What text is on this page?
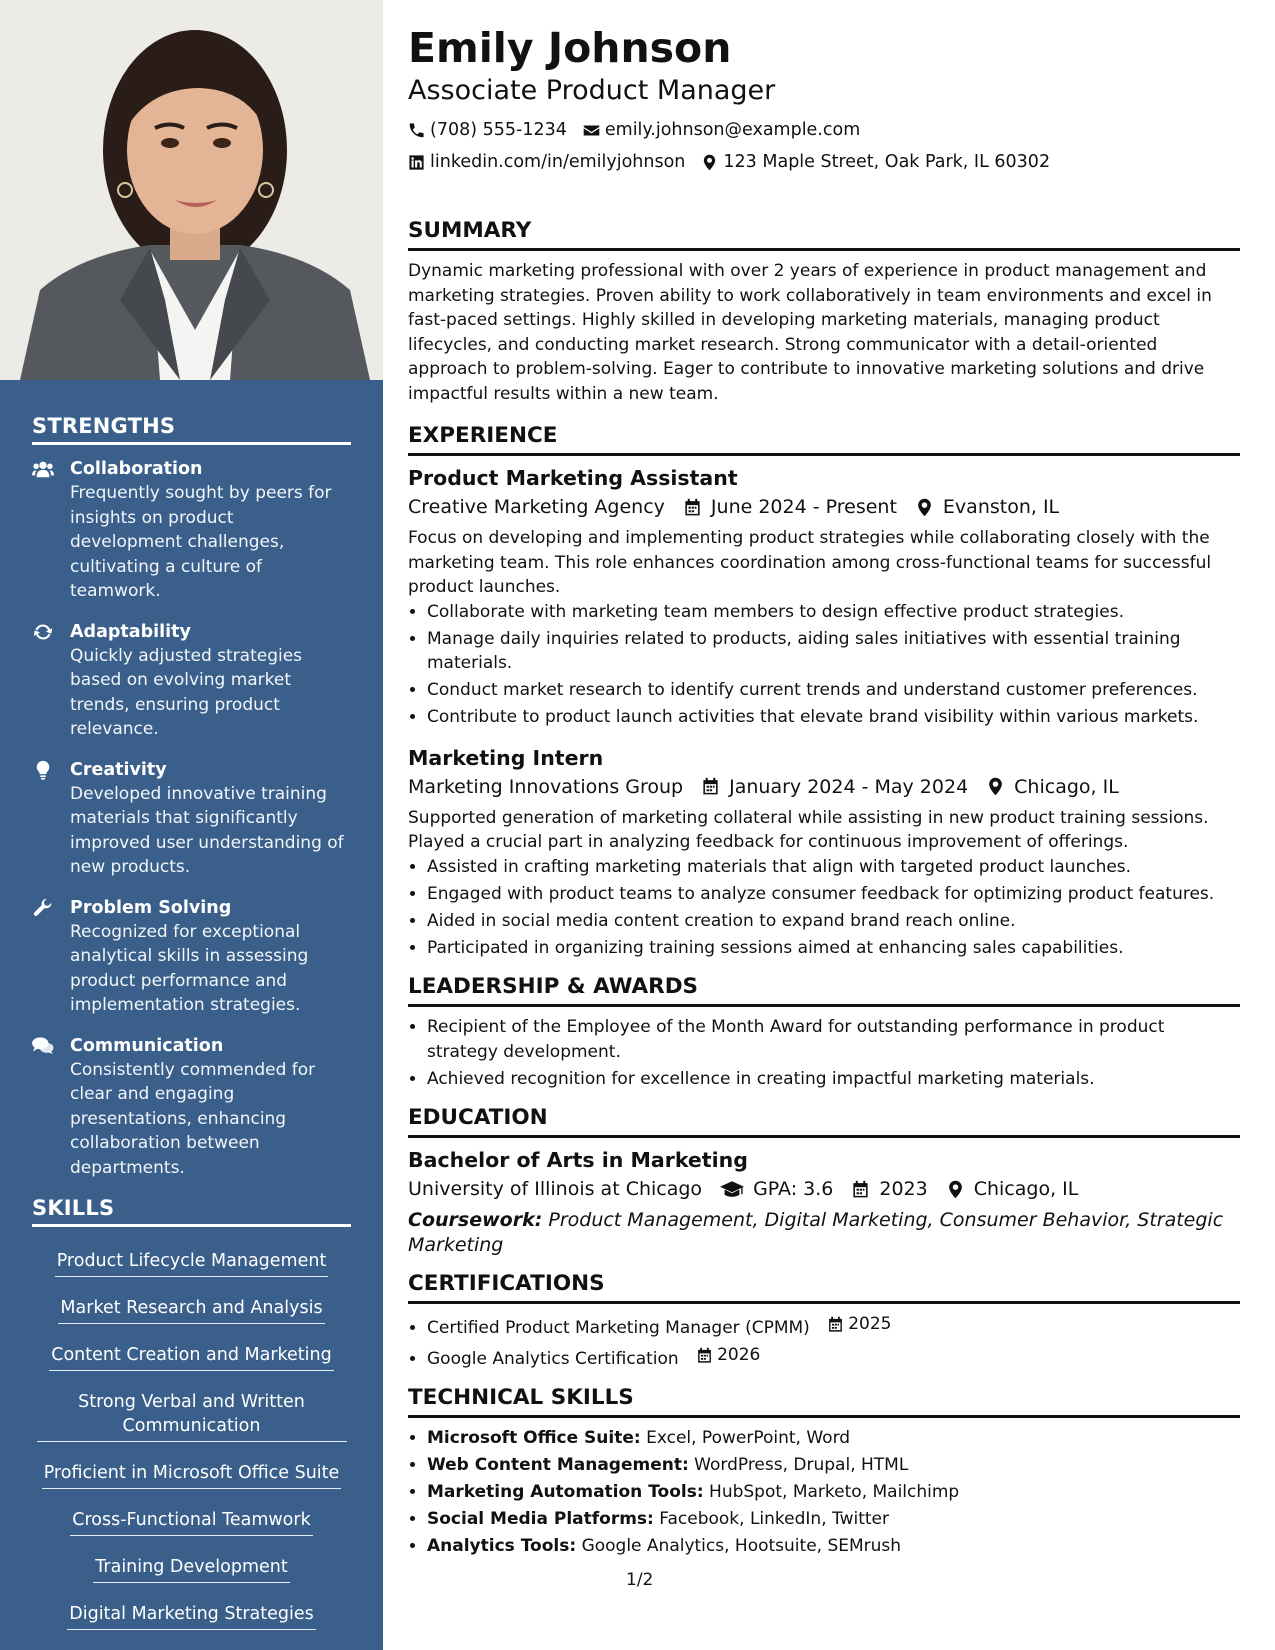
STRENGTHS
Collaboration
Frequently sought by peers for insights on product development challenges, cultivating a culture of teamwork.
Adaptability
Quickly adjusted strategies based on evolving market trends, ensuring product relevance.
Creativity
Developed innovative training materials that significantly improved user understanding of new products.
Problem Solving
Recognized for exceptional analytical skills in assessing product performance and implementation strategies.
Communication
Consistently commended for clear and engaging presentations, enhancing collaboration between departments.
SKILLS
Product Lifecycle Management
Market Research and Analysis
Content Creation and Marketing
Strong Verbal and Written Communication
Proficient in Microsoft Office Suite
Cross-Functional Teamwork
Training Development
Digital Marketing Strategies
Emily Johnson
Associate Product Manager
(708) 555-1234 emily.johnson@example.com
linkedin.com/in/emilyjohnson 123 Maple Street, Oak Park, IL 60302
SUMMARY
Dynamic marketing professional with over 2 years of experience in product management and marketing strategies. Proven ability to work collaboratively in team environments and excel in fast-paced settings. Highly skilled in developing marketing materials, managing product lifecycles, and conducting market research. Strong communicator with a detail-oriented approach to problem-solving. Eager to contribute to innovative marketing solutions and drive impactful results within a new team.
EXPERIENCE
Product Marketing Assistant
Creative Marketing Agency June 2024 - Present Evanston, IL
Focus on developing and implementing product strategies while collaborating closely with the marketing team. This role enhances coordination among cross-functional teams for successful product launches.
• Collaborate with marketing team members to design effective product strategies.
• Manage daily inquiries related to products, aiding sales initiatives with essential training materials.
• Conduct market research to identify current trends and understand customer preferences.
• Contribute to product launch activities that elevate brand visibility within various markets.
Marketing Intern
Marketing Innovations Group January 2024 - May 2024 Chicago, IL
Supported generation of marketing collateral while assisting in new product training sessions. Played a crucial part in analyzing feedback for continuous improvement of offerings.
• Assisted in crafting marketing materials that align with targeted product launches.
• Engaged with product teams to analyze consumer feedback for optimizing product features.
• Aided in social media content creation to expand brand reach online.
• Participated in organizing training sessions aimed at enhancing sales capabilities.
LEADERSHIP & AWARDS
• Recipient of the Employee of the Month Award for outstanding performance in product strategy development.
• Achieved recognition for excellence in creating impactful marketing materials.
EDUCATION
Bachelor of Arts in Marketing
University of Illinois at Chicago	GPA: 3.6 2023 Chicago, IL
Coursework: Product Management, Digital Marketing, Consumer Behavior, Strategic Marketing
CERTIFICATIONS
• Certified Product Marketing Manager (CPMM) 2025
• Google Analytics Certification 2026
TECHNICAL SKILLS
• Microsoft Office Suite: Excel, PowerPoint, Word
• Web Content Management: WordPress, Drupal, HTML
• Marketing Automation Tools: HubSpot, Marketo, Mailchimp
• Social Media Platforms: Facebook, LinkedIn, Twitter
• Analytics Tools: Google Analytics, Hootsuite, SEMrush
1/2
